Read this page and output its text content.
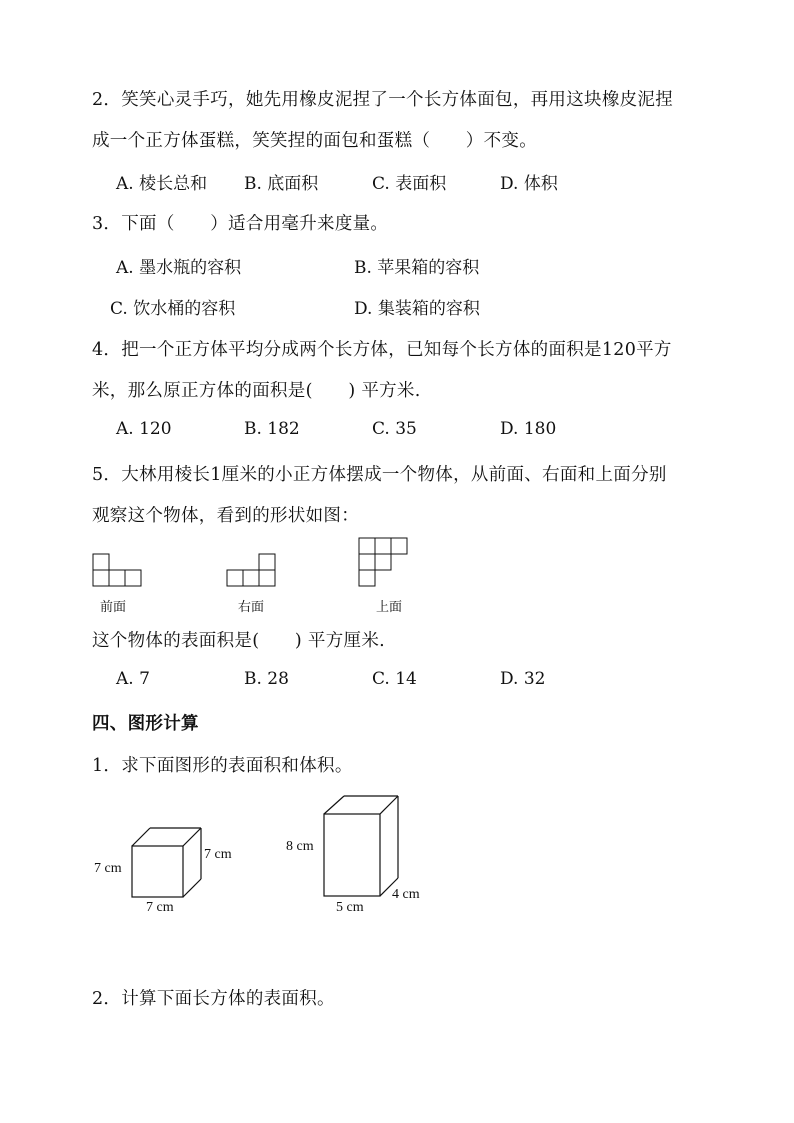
2．笑笑心灵手巧，她先用橡皮泥捏了一个长方体面包，再用这块橡皮泥捏
成一个正方体蛋糕，笑笑捏的面包和蛋糕（　　）不变。
A. 棱长总和 B. 底面积	C. 表面积	D. 体积
3．下面（　　）适合用毫升来度量。
A. 墨水瓶的容积	B. 苹果箱的容积
C. 饮水桶的容积	D. 集装箱的容积
4．把一个正方体平均分成两个长方体，已知每个长方体的面积是120平方
米，那么原正方体的面积是(　　) 平方米.
A. 120	B. 182	C. 35	D. 180
5．大林用棱长1厘米的小正方体摆成一个物体，从前面、右面和上面分别
观察这个物体，看到的形状如图：
前面	右面	上面
这个物体的表面积是(　　) 平方厘米.
A. 7	B. 28	C. 14	D. 32
四、图形计算
1．求下面图形的表面积和体积。
7 cm
7 cm
7 cm
8 cm
5 cm
4 cm
2．计算下面长方体的表面积。
